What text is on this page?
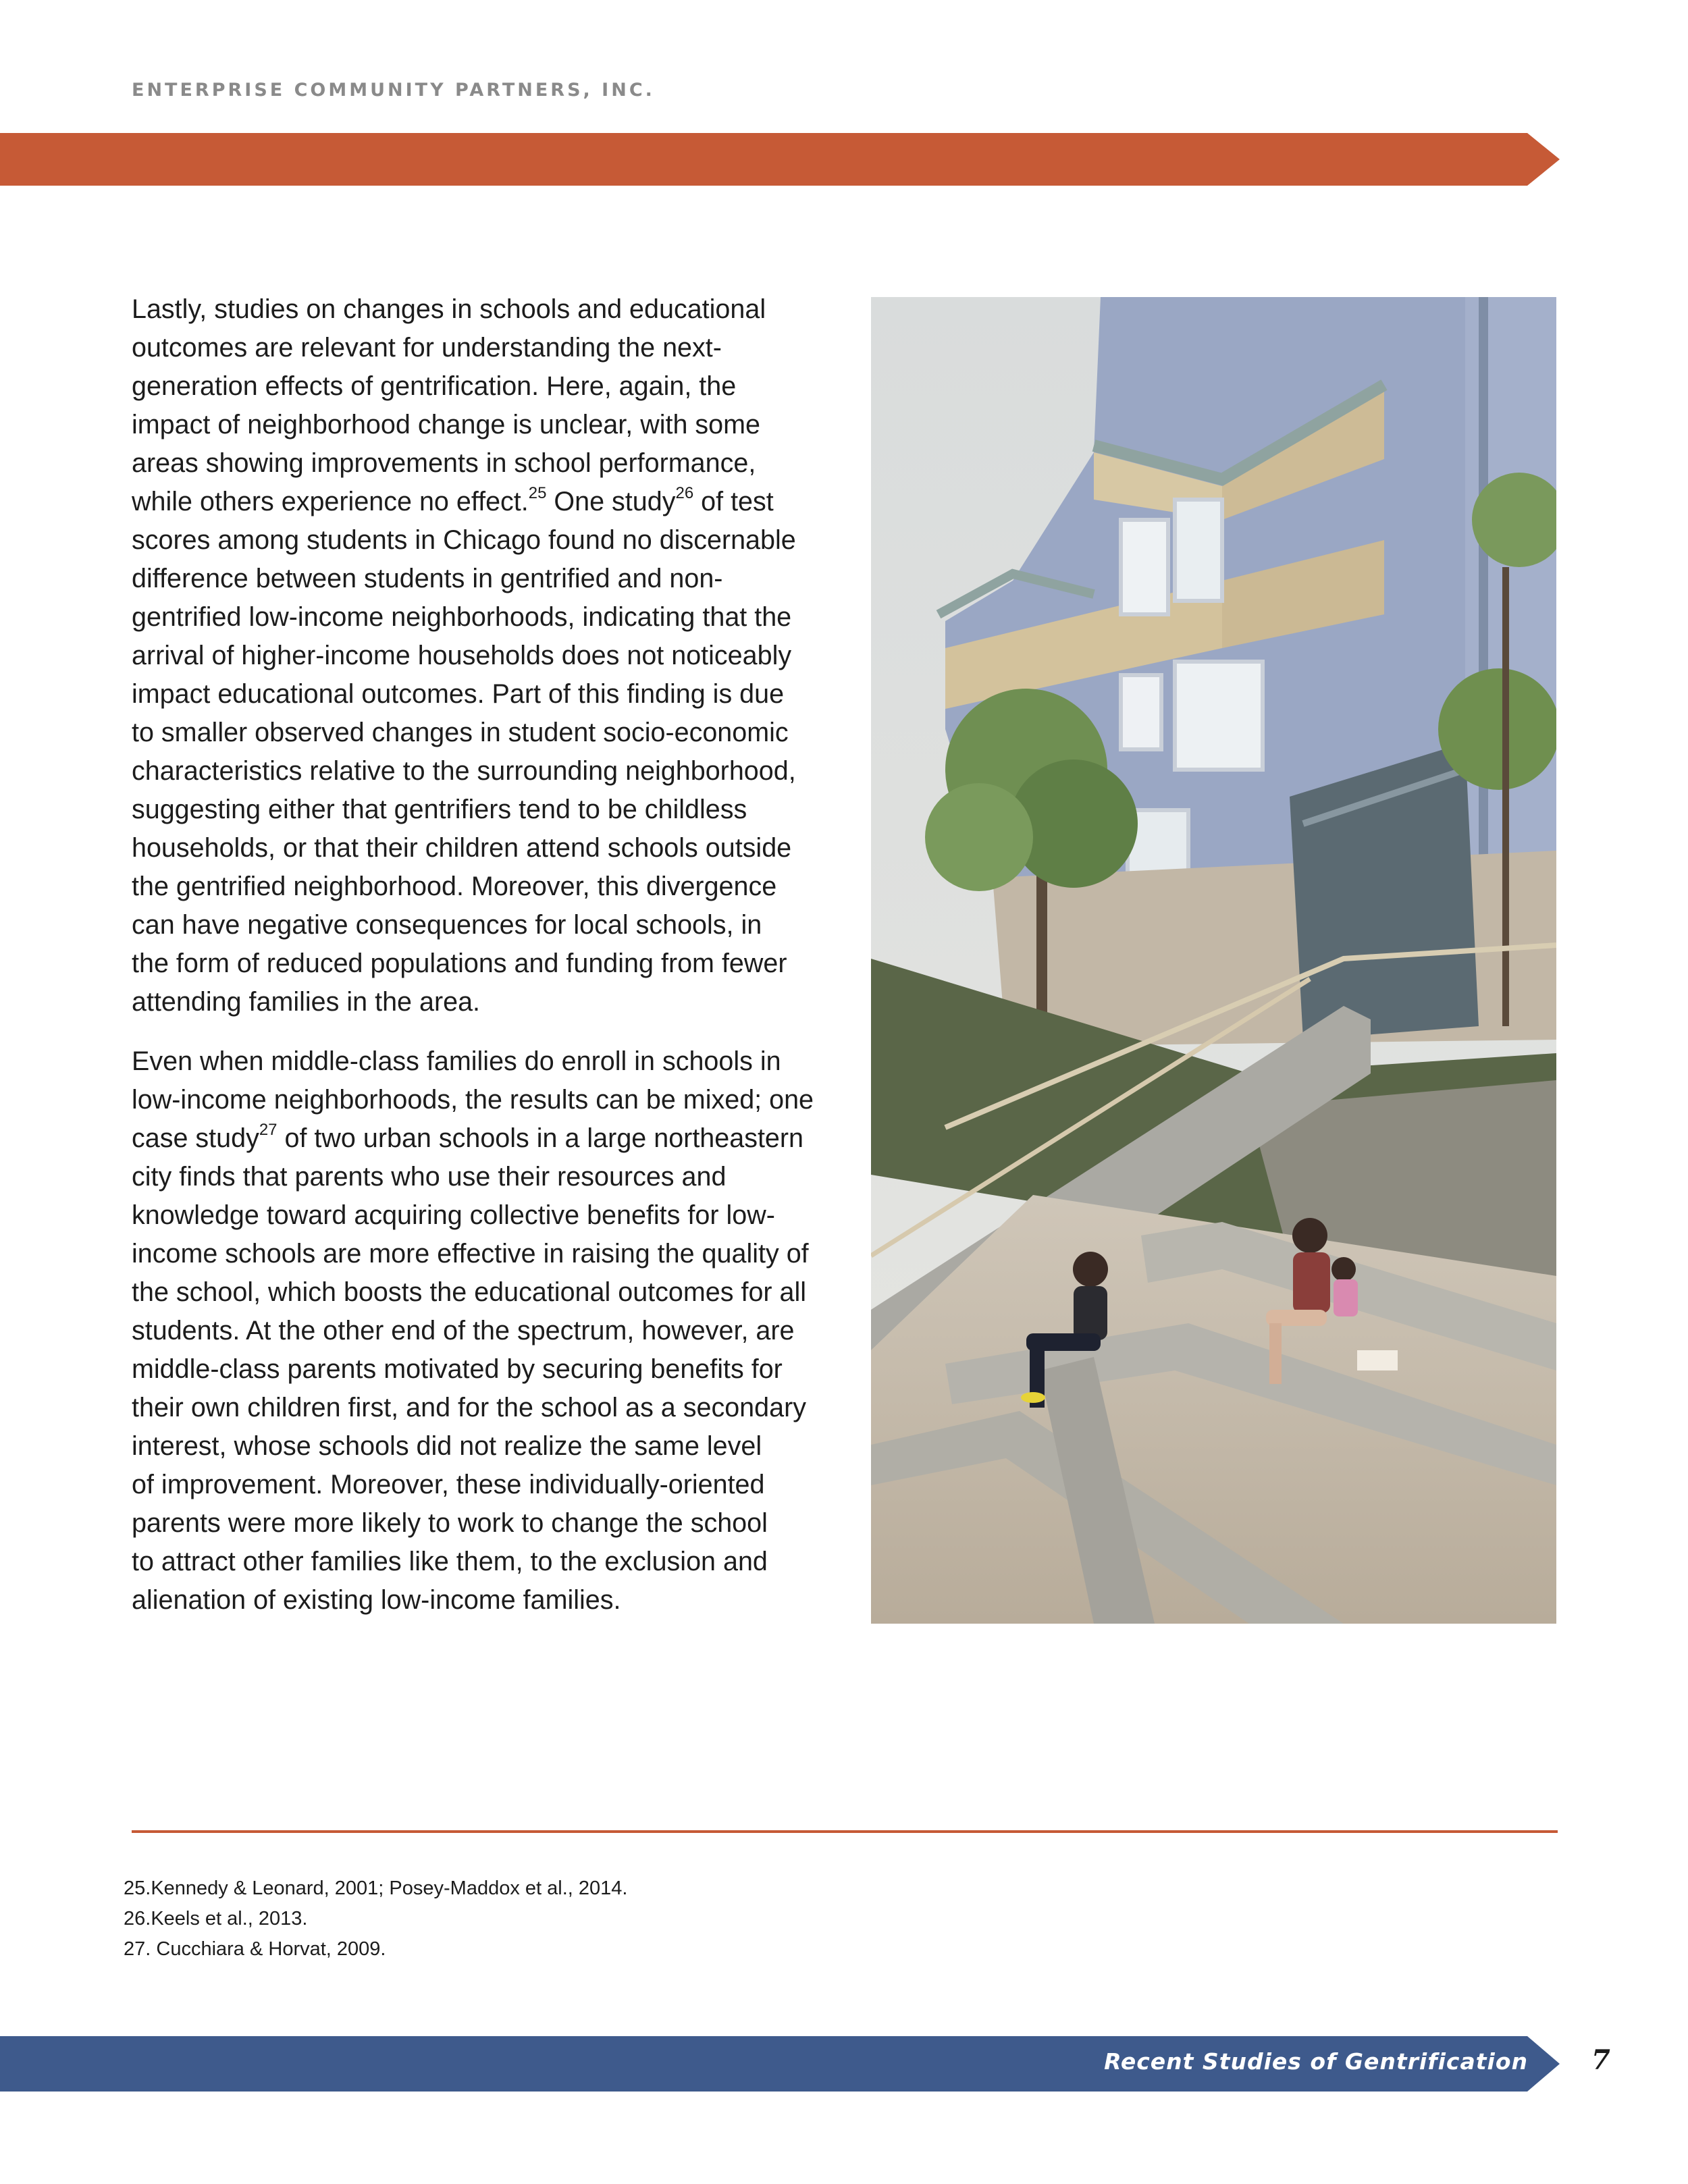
ENTERPRISE COMMUNITY PARTNERS, INC.

Lastly, studies on changes in schools and educational
outcomes are relevant for understanding the next-
generation effects of gentrification. Here, again, the
impact of neighborhood change is unclear, with some
areas showing improvements in school performance,
while others experience no effect.$^{25}$ One study$^{26}$ of test
scores among students in Chicago found no discernable
difference between students in gentrified and non-
gentrified low-income neighborhoods, indicating that the
arrival of higher-income households does not noticeably
impact educational outcomes. Part of this finding is due
to smaller observed changes in student socio-economic
characteristics relative to the surrounding neighborhood,
suggesting either that gentrifiers tend to be childless
households, or that their children attend schools outside
the gentrified neighborhood. Moreover, this divergence
can have negative consequences for local schools, in
the form of reduced populations and funding from fewer
attending families in the area.

Even when middle-class families do enroll in schools in
low-income neighborhoods, the results can be mixed; one
case study$^{27}$ of two urban schools in a large northeastern
city finds that parents who use their resources and
knowledge toward acquiring collective benefits for low-
income schools are more effective in raising the quality of
the school, which boosts the educational outcomes for all
students. At the other end of the spectrum, however, are
middle-class parents motivated by securing benefits for
their own children first, and for the school as a secondary
interest, whose schools did not realize the same level
of improvement. Moreover, these individually-oriented
parents were more likely to work to change the school
to attract other families like them, to the exclusion and
alienation of existing low-income families.

25.Kennedy & Leonard, 2001; Posey-Maddox et al., 2014.
26.Keels et al., 2013.
27. Cucchiara & Horvat, 2009.
Recent Studies of Gentrification 7
